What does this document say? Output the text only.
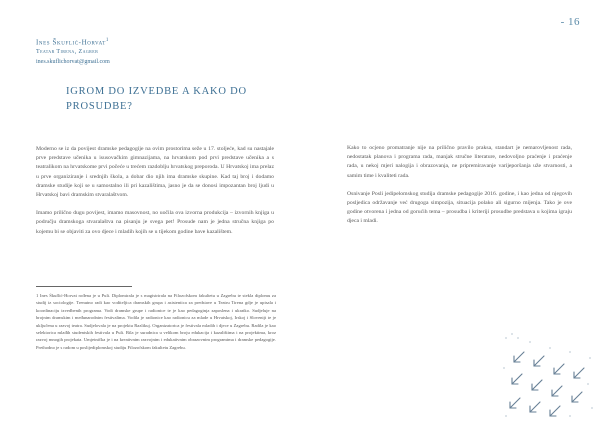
- 16
Ines Škuflić-Horvat$^1$
Teatar Tirena, Zagreb
ines.skuflichorvat@gmail.com
IGROM DO IZVEDBE A KAKO DO PROSUDBE?

Moderno se iz da povijest dramske pedagogije na ovim prostorima seže u 17. stoljeće, kad su nastajale prve predstave učenika u isusovačkim gimnazijama, na hrvatskom pod prvi predstave učenika a s teatralikom na hrvatskome prvi počeće u trećem razdoblju hrvatskog preporoda. U Hrvatskoj ima prelaz u prve organiziranje i srednjih škola, a dobar dio njih ima dramske skupine. Kad taj broj i dodamo dramske studije koji se u samostalno ili pri kazalištima, jasno je da se donosi impozantan broj ljudi u Hrvatskoj bavi dramskim stvaralaštvom.

Imamo prilično dugu povijest, imamo masovnost, no uočila ova izvorna produkcija – izvornih knjiga u području dramskoga stvaralaštva na pisanju je svega pet! Prosude nam je jedna stručna knjiga po kojemu bi se objaviti za ovo djece i mladih kojih se u tijekom godine bave kazalištem.

Kako to ocjeno promatranje nije na prilično pravilo praksa, standart je nemarovljenost rada, nedostatak planova i programa rada, manjak stručne literature, nedovoljno praćenje i praćenje rada, u nekoj mjeri nalogija i obrazovanja, ne pripremiravanje varijeporšanja uže stvarnosti, a samim time i kvaliteti rada.

Osnivanje Posli jedipelomskog studija dramske pedagogije 2016. godine, i kao jedna od njegovih posljedica održavanje već drugoga simpozija, situacija polako ali sigurno mijenja. Tako je ove godine otvorena i jedna od gorućih tema – prosudba i kriteriji prosudbe predstava u kojima igraju djeca i mladi.

1 Ines Škuflić-Horvat rođena je u Puli. Diplomirala je s magistrirala na Filozofskom fakultetu u Zagrebu te stekla diplomu za studij iz sociologije. Trenutno radi kao voditeljica dramskih grupa i asistentica za predstave u Teatru Tirena gdje je upisala i koordinaciju izvedbenih programa. Vodi dramske grupe i radionice te je kao pedagoginja zaposlena i ukratko. Sudjeluje na brojnim dramskim i međunarodnim festivalima. Vodila je radionice kao radionicu za mlade u Hrvatskoj, Irskoj i Sloveniji te je uključena u razvoj teatra. Sudjelovala je na projektu Razlikuj. Organizatorica je festivala mladih i djece u Zagrebu. Radila je kao selektorica mlađih studentskih festivala u Puli. Bila je suradnica u velikom broju edukacija i kazalištima i na projektima, kroz razvoj mnogih projekata. Umjetnička je i na kreativnim razvojnim i edukativnim obrazovnim programima i dramske pedagogije. Prethodno je s radom u poslijediplomskoj studiju Filozofskom fakultetu Zagrebu.
